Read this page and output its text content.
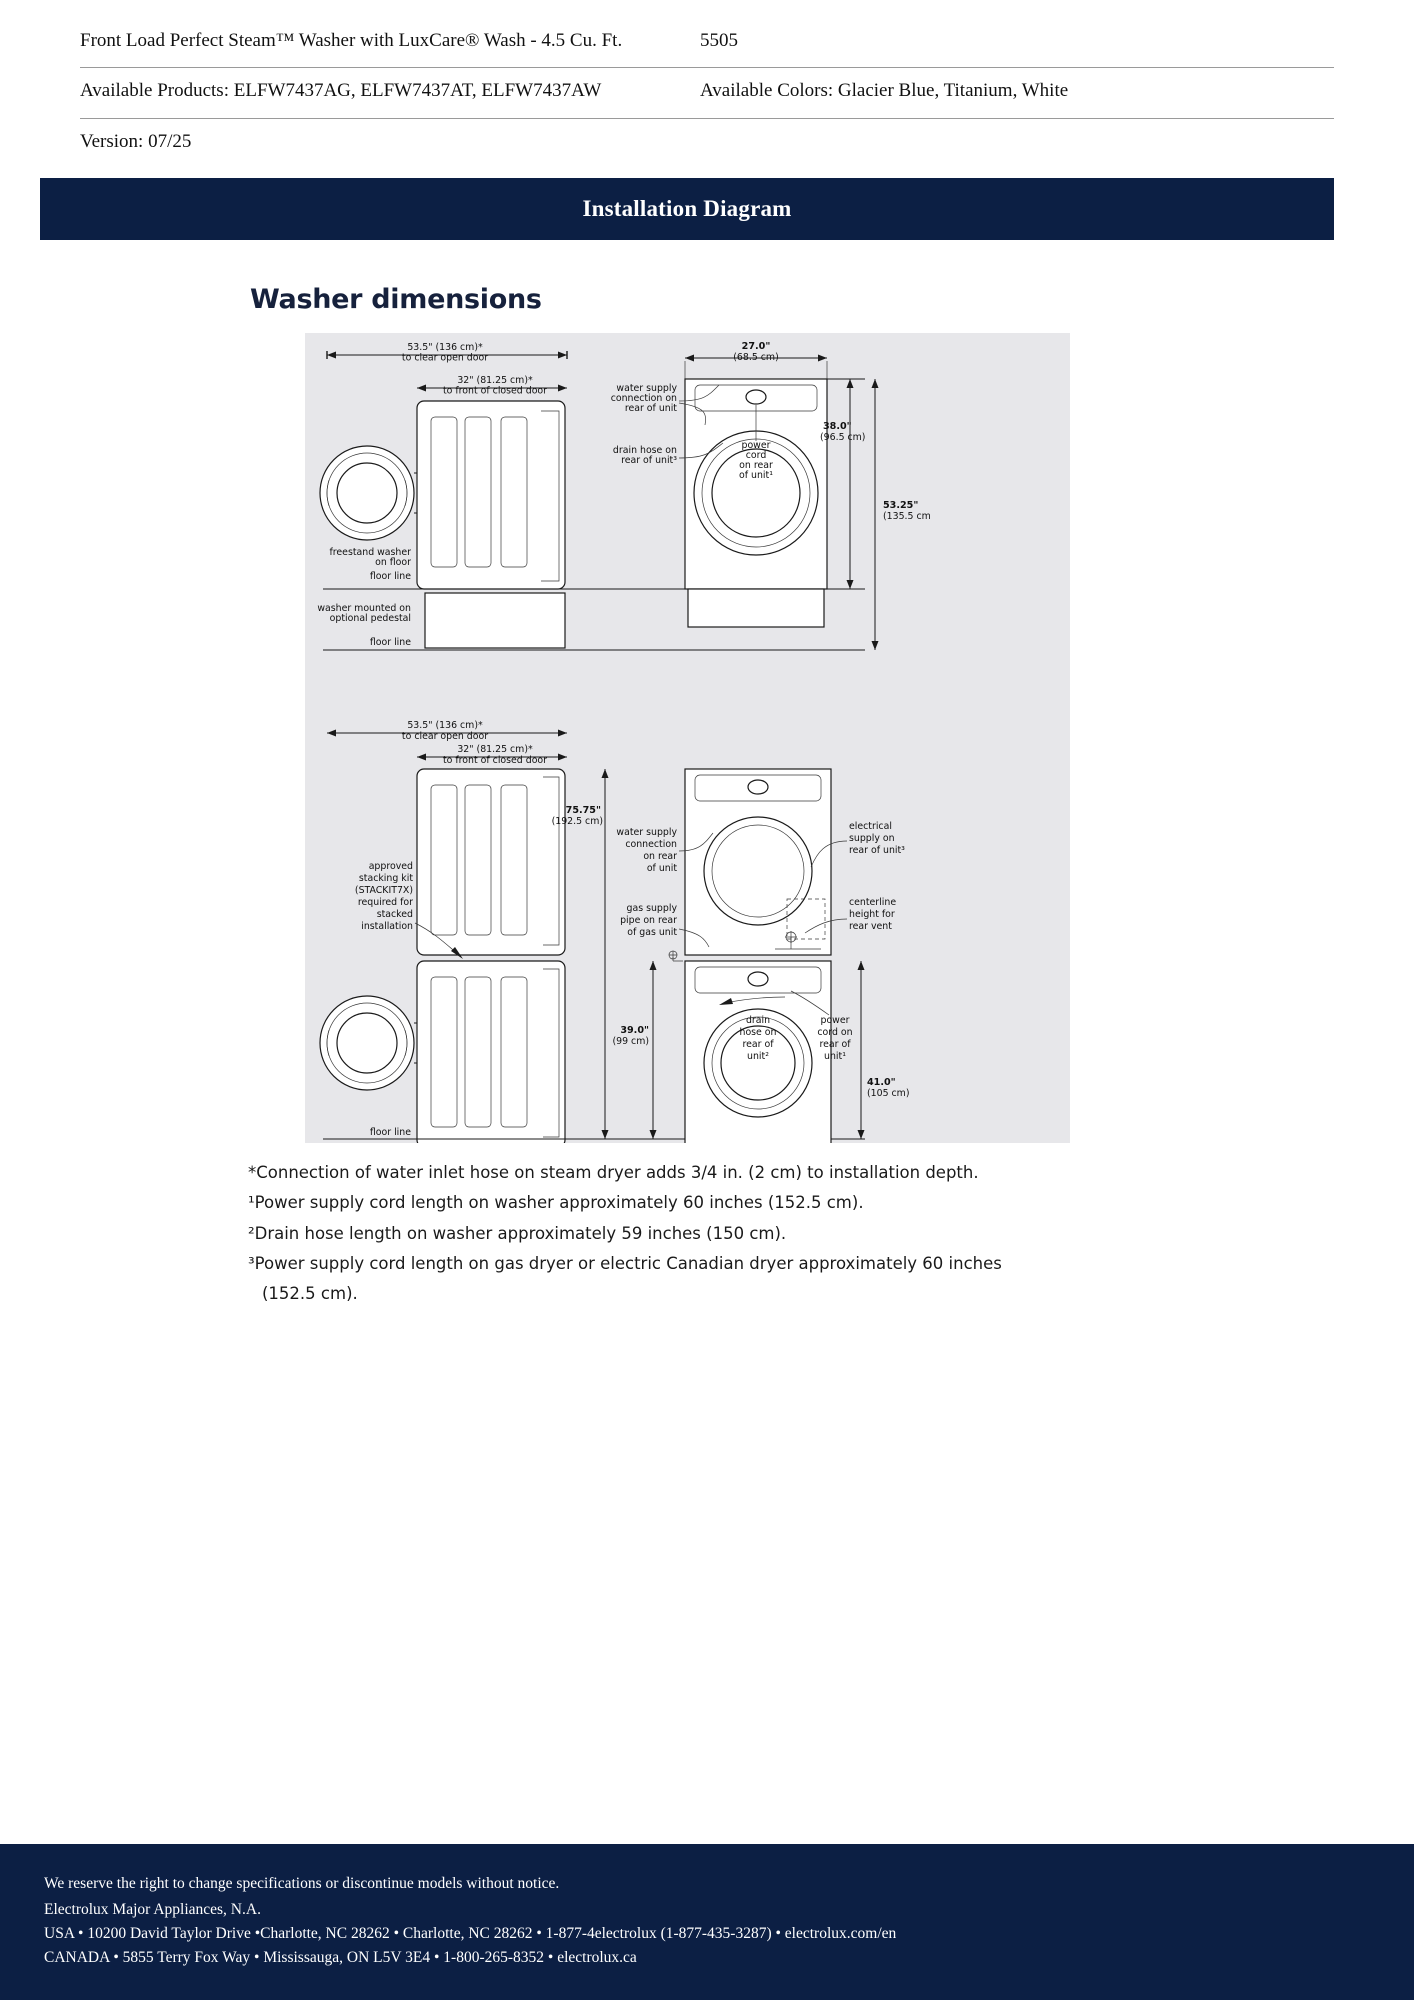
Front Load Perfect Steam™ Washer with LuxCare® Wash - 4.5 Cu. Ft.	5505
Available Products: ELFW7437AG, ELFW7437AT, ELFW7437AW	Available Colors: Glacier Blue, Titanium, White
Version: 07/25
Installation Diagram
Washer dimensions
53.5" (136 cm)*
to clear open door
32" (81.25 cm)*
to front of closed door
freestand washer
on floor
floor line
washer mounted on
optional pedestal
floor line
27.0"
(68.5 cm)
water supply
connection on
rear of unit
drain hose on
rear of unit³
power
cord
on rear
of unit¹
38.0"
(96.5 cm)
53.25"
(135.5 cm
53.5" (136 cm)*
to clear open door
32" (81.25 cm)*
to front of closed door
floor line
approved
stacking kit
(STACKIT7X)
required for
stacked
installation
75.75"
(192.5 cm)
39.0"
(99 cm)
41.0"
(105 cm)
water supply
connection
on rear
of unit
gas supply
pipe on rear
of gas unit
electrical
supply on
rear of unit³
centerline
height for
rear vent
drain
hose on
rear of
unit²
power
cord on
rear of
unit¹
*Connection of water inlet hose on steam dryer adds 3/4 in. (2 cm) to installation depth.
¹Power supply cord length on washer approximately 60 inches (152.5 cm).
²Drain hose length on washer approximately 59 inches (150 cm).
³Power supply cord length on gas dryer or electric Canadian dryer approximately 60 inches
(152.5 cm).
We reserve the right to change specifications or discontinue models without notice.
Electrolux Major Appliances, N.A.
USA • 10200 David Taylor Drive •Charlotte, NC 28262 • Charlotte, NC 28262 • 1-877-4electrolux (1-877-435-3287) • electrolux.com/en
CANADA • 5855 Terry Fox Way • Mississauga, ON L5V 3E4 • 1-800-265-8352 • electrolux.ca
